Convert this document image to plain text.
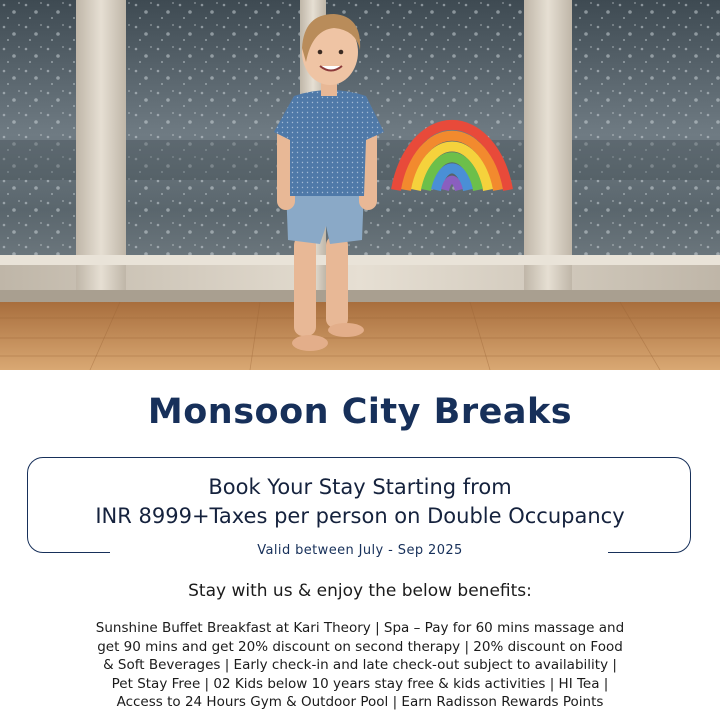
Monsoon City Breaks
Book Your Stay Starting from
INR 8999+Taxes per person on Double Occupancy
Valid between July - Sep 2025
Stay with us & enjoy the below benefits:
Sunshine Buffet Breakfast at Kari Theory | Spa – Pay for 60 mins massage and
get 90 mins and get 20% discount on second therapy | 20% discount on Food
& Soft Beverages | Early check-in and late check-out subject to availability |
Pet Stay Free | 02 Kids below 10 years stay free & kids activities | HI Tea |
Access to 24 Hours Gym & Outdoor Pool | Earn Radisson Rewards Points
